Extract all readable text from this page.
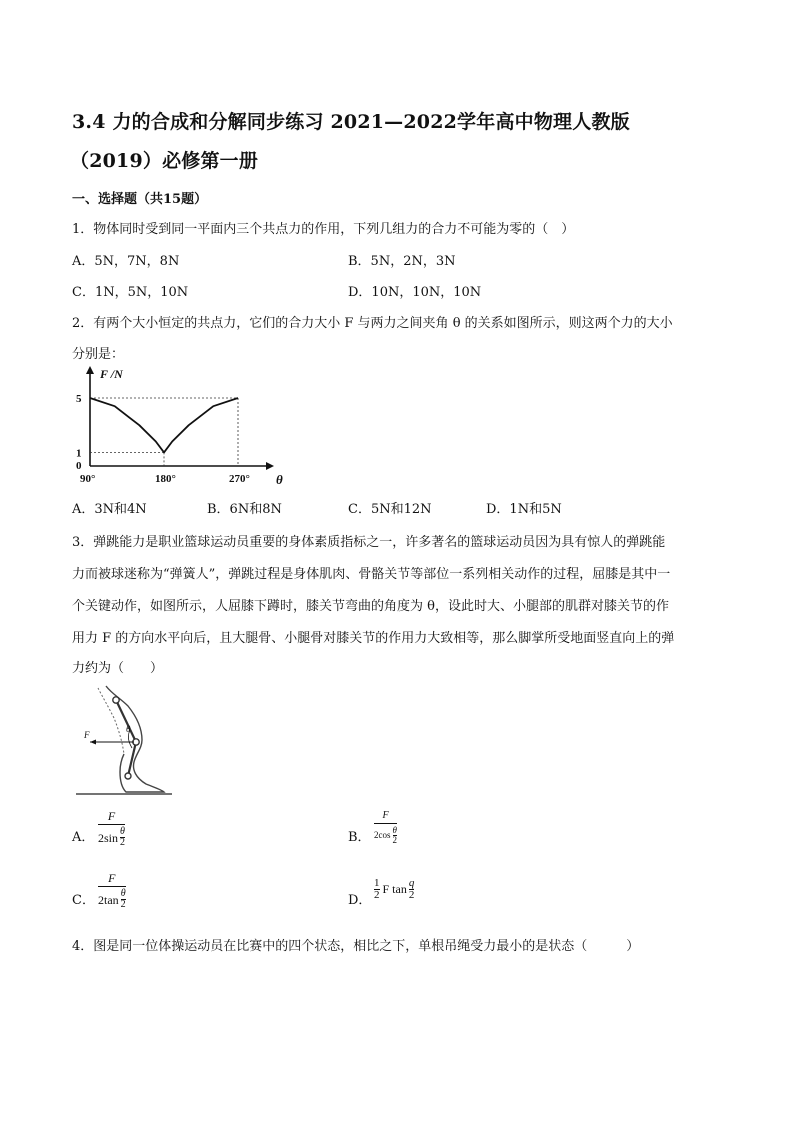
3.4 力的合成和分解同步练习 2021—2022学年高中物理人教版
（2019）必修第一册
一、选择题（共15题）
1．物体同时受到同一平面内三个共点力的作用，下列几组力的合力不可能为零的（　）
A．5N，7N，8N	B．5N，2N，3N
C．1N，5N，10N	D．10N，10N，10N
2．有两个大小恒定的共点力，它们的合力大小 F 与两力之间夹角 θ 的关系如图所示，则这两个力的大小
分别是：
F /N
θ
0
1
5
90°	180°	270°
A．3N和4N	B．6N和8N	C．5N和12N	D．1N和5N
3．弹跳能力是职业篮球运动员重要的身体素质指标之一，许多著名的篮球运动员因为具有惊人的弹跳能
力而被球迷称为“弹簧人”，弹跳过程是身体肌肉、骨骼关节等部位一系列相关动作的过程，屈膝是其中一
个关键动作，如图所示，人屈膝下蹲时，膝关节弯曲的角度为 θ，设此时大、小腿部的肌群对膝关节的作
用力 F 的方向水平向后，且大腿骨、小腿骨对膝关节的作用力大致相等，那么脚掌所受地面竖直向上的弹
力约为（　　）
F
θ
A．
F
$2\sin \frac{\theta}{2}$	B．
F
$2\cos \frac{\theta}{2}$
C．
F
$2\tan \frac{\theta}{2}$	D． $\frac{1}{2}$ F $\tan \frac{q}{2}$
4．图是同一位体操运动员在比赛中的四个状态，相比之下，单根吊绳受力最小的是状态（　　　）
